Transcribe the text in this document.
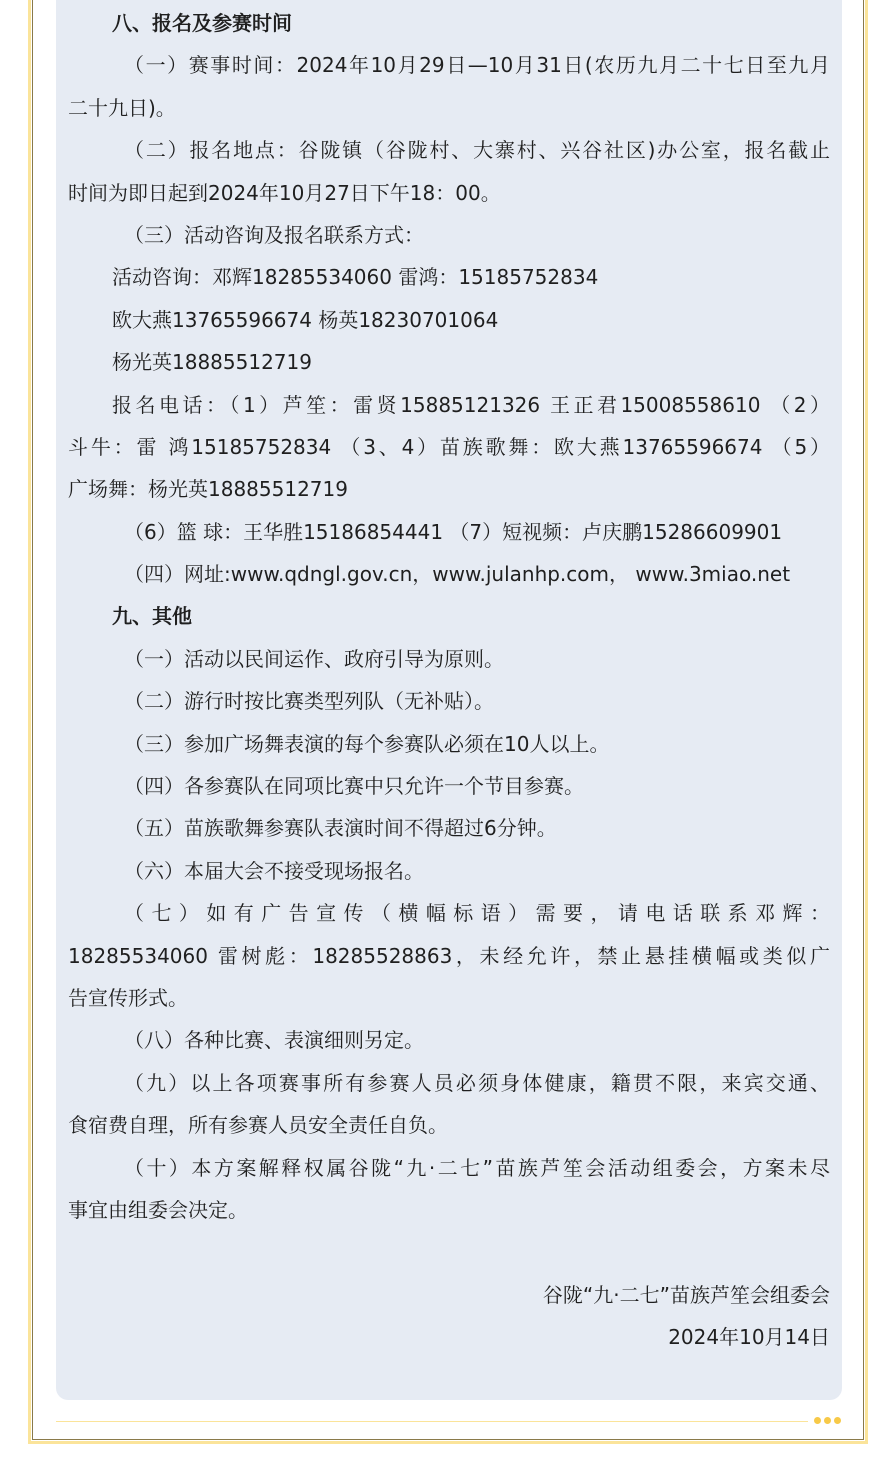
八、报名及参赛时间
（一）赛事时间：2024年10月29日—10月31日(农历九月二十七日至九月
二十九日)。
（二）报名地点：谷陇镇（谷陇村、大寨村、兴谷社区)办公室，报名截止
时间为即日起到2024年10月27日下午18：00。
（三）活动咨询及报名联系方式：
活动咨询：邓辉18285534060 雷鸿：15185752834
欧大燕13765596674 杨英18230701064
杨光英18885512719
报名电话：（1）芦笙：雷贤15885121326 王正君15008558610 （2）
斗牛：雷 鸿15185752834 （3、4）苗族歌舞：欧大燕13765596674 （5）
广场舞：杨光英18885512719
（6）篮 球：王华胜15186854441 （7）短视频：卢庆鹏15286609901
（四）网址:www.qdngl.gov.cn，www.julanhp.com， www.3miao.net
九、其他
（一）活动以民间运作、政府引导为原则。
（二）游行时按比赛类型列队（无补贴）。
（三）参加广场舞表演的每个参赛队必须在10人以上。
（四）各参赛队在同项比赛中只允许一个节目参赛。
（五）苗族歌舞参赛队表演时间不得超过6分钟。
（六）本届大会不接受现场报名。
（七）如有广告宣传（横幅标语）需要，请电话联系邓辉：
18285534060 雷树彪：18285528863，未经允许，禁止悬挂横幅或类似广
告宣传形式。
（八）各种比赛、表演细则另定。
（九）以上各项赛事所有参赛人员必须身体健康，籍贯不限，来宾交通、
食宿费自理，所有参赛人员安全责任自负。
（十）本方案解释权属谷陇“九·二七”苗族芦笙会活动组委会，方案未尽
事宜由组委会决定。
谷陇“九·二七”苗族芦笙会组委会
2024年10月14日
